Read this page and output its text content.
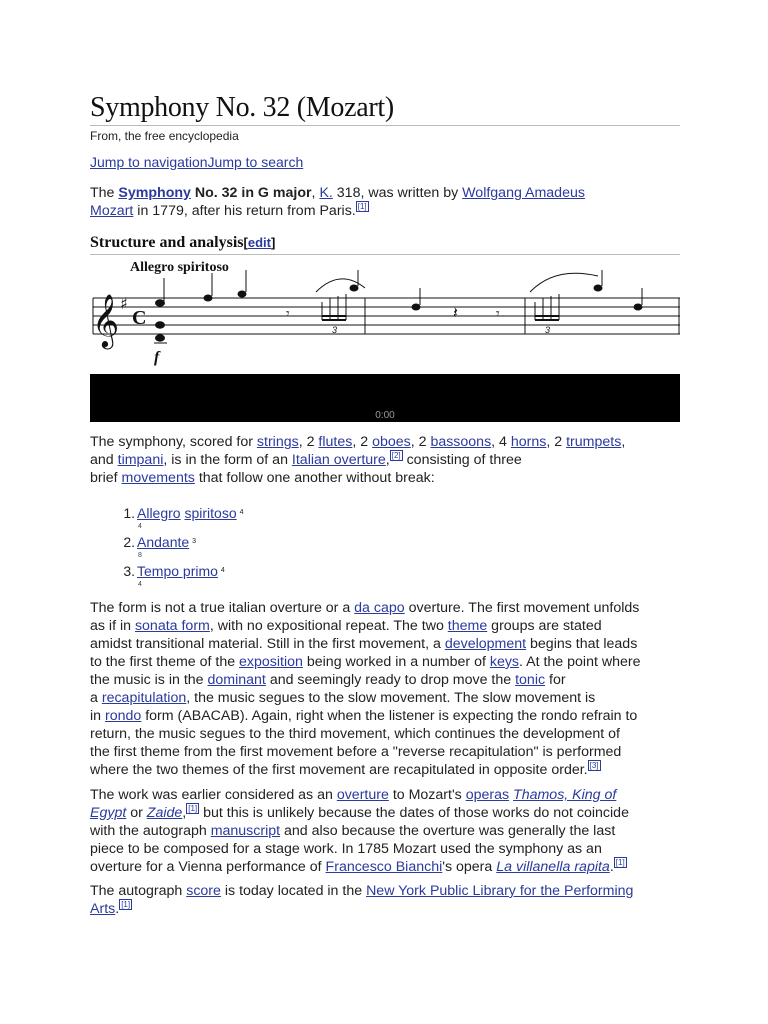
Symphony No. 32 (Mozart)
From, the free encyclopedia
Jump to navigationJump to search
The Symphony No. 32 in G major, K. 318, was written by Wolfgang Amadeus
Mozart in 1779, after his return from Paris. [1]
Structure and analysis[edit]
Allegro spiritoso
𝄞 ♯
C	𝄾	𝄽	𝄾
3	3
f
0:00
The symphony, scored for strings, 2 flutes, 2 oboes, 2 bassoons, 4 horns, 2 trumpets,
and timpani, is in the form of an Italian overture, [2] consisting of three
brief movements that follow one another without break:
1. Allegro spiritoso 4
4
2. Andante 3
8
3. Tempo primo 4
4
The form is not a true italian overture or a da capo overture. The first movement unfolds
as if in sonata form, with no expositional repeat. The two theme groups are stated
amidst transitional material. Still in the first movement, a development begins that leads
to the first theme of the exposition being worked in a number of keys. At the point where
the music is in the dominant and seemingly ready to drop move the tonic for
a recapitulation, the music segues to the slow movement. The slow movement is
in rondo form (ABACAB). Again, right when the listener is expecting the rondo refrain to
return, the music segues to the third movement, which continues the development of
the first theme from the first movement before a "reverse recapitulation" is performed
where the two themes of the first movement are recapitulated in opposite order. [3]
The work was earlier considered as an overture to Mozart's operas Thamos, King of
Egypt or Zaide, [1] but this is unlikely because the dates of those works do not coincide
with the autograph manuscript and also because the overture was generally the last
piece to be composed for a stage work. In 1785 Mozart used the symphony as an
overture for a Vienna performance of Francesco Bianchi's opera La villanella rapita. [1]
The autograph score is today located in the New York Public Library for the Performing
Arts. [1]
